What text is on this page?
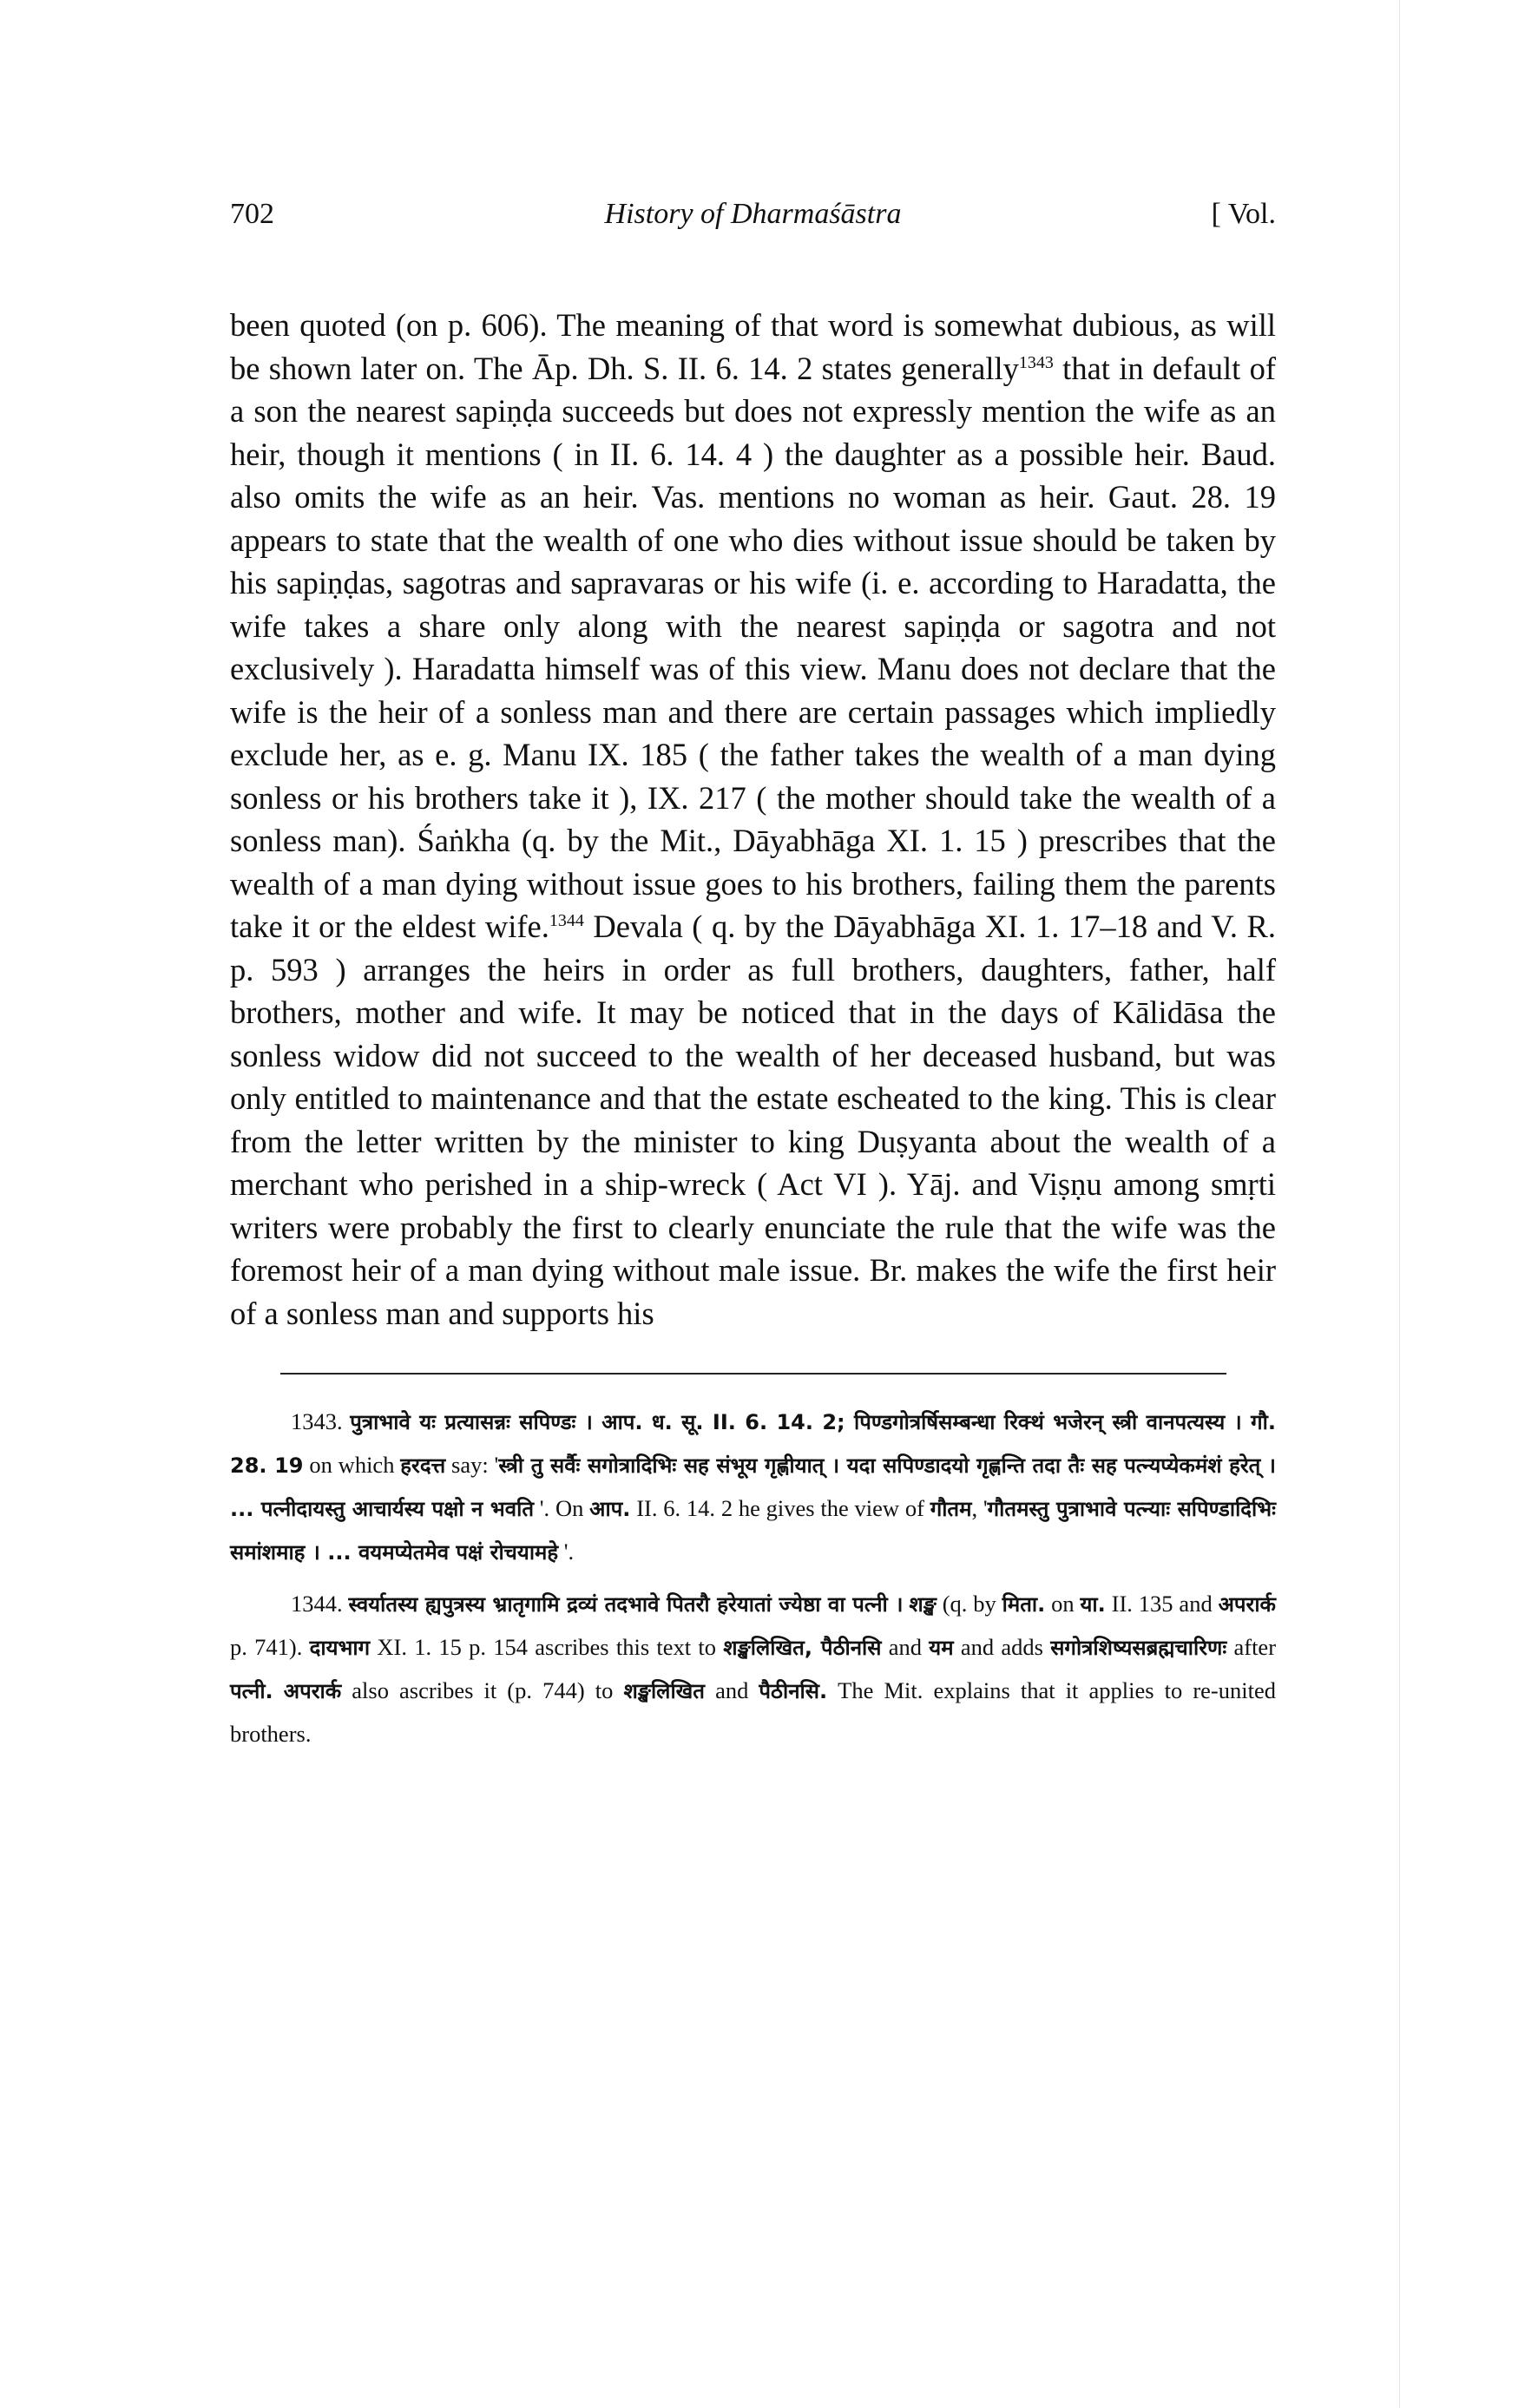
702	History of Dharmaśāstra	[ Vol.

been quoted (on p. 606). The meaning of that word is somewhat dubious, as will be shown later on. The Āp. Dh. S. II. 6. 14. 2 states generally$^{1343}$ that in default of a son the nearest sapiṇḍa succeeds but does not expressly mention the wife as an heir, though it mentions ( in II. 6. 14. 4 ) the daughter as a possible heir. Baud. also omits the wife as an heir. Vas. mentions no woman as heir. Gaut. 28. 19 appears to state that the wealth of one who dies without issue should be taken by his sapiṇḍas, sagotras and sapravaras or his wife (i. e. according to Haradatta, the wife takes a share only along with the nearest sapiṇḍa or sagotra and not exclusively ). Haradatta himself was of this view. Manu does not declare that the wife is the heir of a sonless man and there are certain passages which impliedly exclude her, as e. g. Manu IX. 185 ( the father takes the wealth of a man dying sonless or his brothers take it ), IX. 217 ( the mother should take the wealth of a sonless man). Śaṅkha (q. by the Mit., Dāyabhāga XI. 1. 15 ) prescribes that the wealth of a man dying without issue goes to his brothers, failing them the parents take it or the eldest wife.$^{1344}$ Devala ( q. by the Dāyabhāga XI. 1. 17–18 and V. R. p. 593 ) arranges the heirs in order as full brothers, daughters, father, half brothers, mother and wife. It may be noticed that in the days of Kālidāsa the sonless widow did not succeed to the wealth of her deceased husband, but was only entitled to maintenance and that the estate escheated to the king. This is clear from the letter written by the minister to king Duṣyanta about the wealth of a merchant who perished in a ship-wreck ( Act VI ). Yāj. and Viṣṇu among smṛti writers were probably the first to clearly enunciate the rule that the wife was the foremost heir of a man dying without male issue. Br. makes the wife the first heir of a sonless man and supports his

1343. पुत्राभावे यः प्रत्यासन्नः सपिण्डः । आप. ध. सू. II. 6. 14. 2; पिण्डगोत्रर्षिसम्बन्धा रिक्थं भजेरन् स्त्री वानपत्यस्य । गौ. 28. 19 on which हरदत्त say: 'स्त्री तु सर्वैः सगोत्रादिभिः सह संभूय गृह्णीयात् । यदा सपिण्डादयो गृह्णन्ति तदा तैः सह पत्न्यप्येकमंशं हरेत् । ... पत्नीदायस्तु आचार्यस्य पक्षो न भवति '. On आप. II. 6. 14. 2 he gives the view of गौतम, 'गौतमस्तु पुत्राभावे पत्न्याः सपिण्डादिभिः समांशमाह । ... वयमप्येतमेव पक्षं रोचयामहे '.

1344. स्वर्यातस्य ह्यपुत्रस्य भ्रातृगामि द्रव्यं तदभावे पितरौ हरेयातां ज्येष्ठा वा पत्नी । शङ्ख (q. by मिता. on या. II. 135 and अपरार्क p. 741). दायभाग XI. 1. 15 p. 154 ascribes this text to शङ्खलिखित, पैठीनसि and यम and adds सगोत्रशिष्यसब्रह्मचारिणः after पत्नी. अपरार्क also ascribes it (p. 744) to शङ्खलिखित and पैठीनसि. The Mit. explains that it applies to re-united brothers.
